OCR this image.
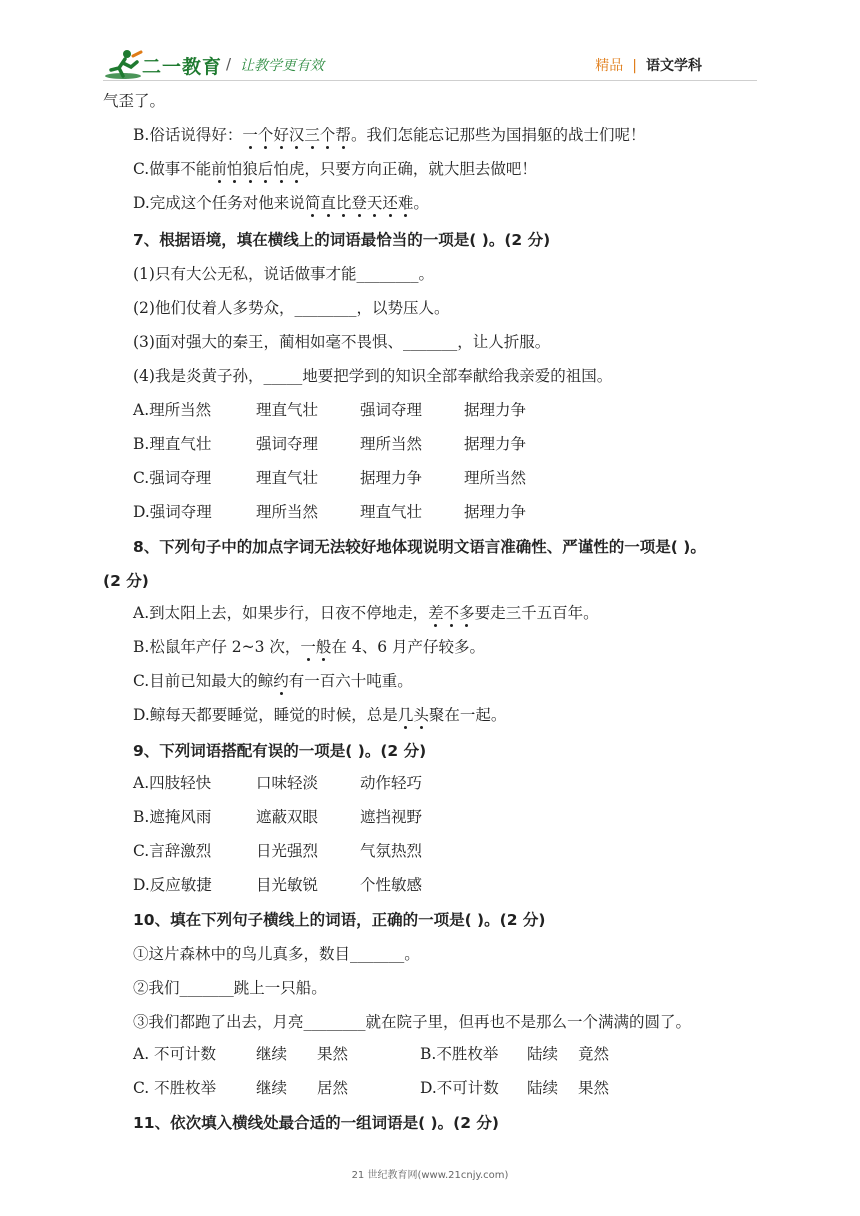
二一教育 / 让教学更有效	精品 | 语文学科
气歪了。
B.俗话说得好：一个好汉三个帮。我们怎能忘记那些为国捐躯的战士们呢！
C.做事不能前怕狼后怕虎，只要方向正确，就大胆去做吧！
D.完成这个任务对他来说简直比登天还难。
7、根据语境，填在横线上的词语最恰当的一项是( )。(2 分)
(1)只有大公无私，说话做事才能________。
(2)他们仗着人多势众，________，以势压人。
(3)面对强大的秦王，蔺相如毫不畏惧、_______，让人折服。
(4)我是炎黄子孙，_____地要把学到的知识全部奉献给我亲爱的祖国。
A.理所当然	理直气壮	强词夺理	据理力争
B.理直气壮	强词夺理	理所当然	据理力争
C.强词夺理	理直气壮	据理力争	理所当然
D.强词夺理	理所当然	理直气壮	据理力争
8、下列句子中的加点字词无法较好地体现说明文语言准确性、严谨性的一项是( )。
(2 分)
A.到太阳上去，如果步行，日夜不停地走，差不多要走三千五百年。
B.松鼠年产仔 2~3 次，一般在 4、6 月产仔较多。
C.目前已知最大的鲸约有一百六十吨重。
D.鲸每天都要睡觉，睡觉的时候，总是几头聚在一起。
9、下列词语搭配有误的一项是( )。(2 分)
A.四肢轻快	口味轻淡	动作轻巧
B.遮掩风雨	遮蔽双眼	遮挡视野
C.言辞激烈	日光强烈	气氛热烈
D.反应敏捷	目光敏锐	个性敏感
10、填在下列句子横线上的词语，正确的一项是( )。(2 分)
①这片森林中的鸟儿真多，数目_______。
②我们_______跳上一只船。
③我们都跑了出去，月亮________就在院子里，但再也不是那么一个满满的圆了。
A. 不可计数	继续 果然	B.不胜枚举 陆续 竟然
C. 不胜枚举	继续 居然	D.不可计数 陆续 果然
11、依次填入横线处最合适的一组词语是( )。(2 分)
21 世纪教育网(www.21cnjy.com)
